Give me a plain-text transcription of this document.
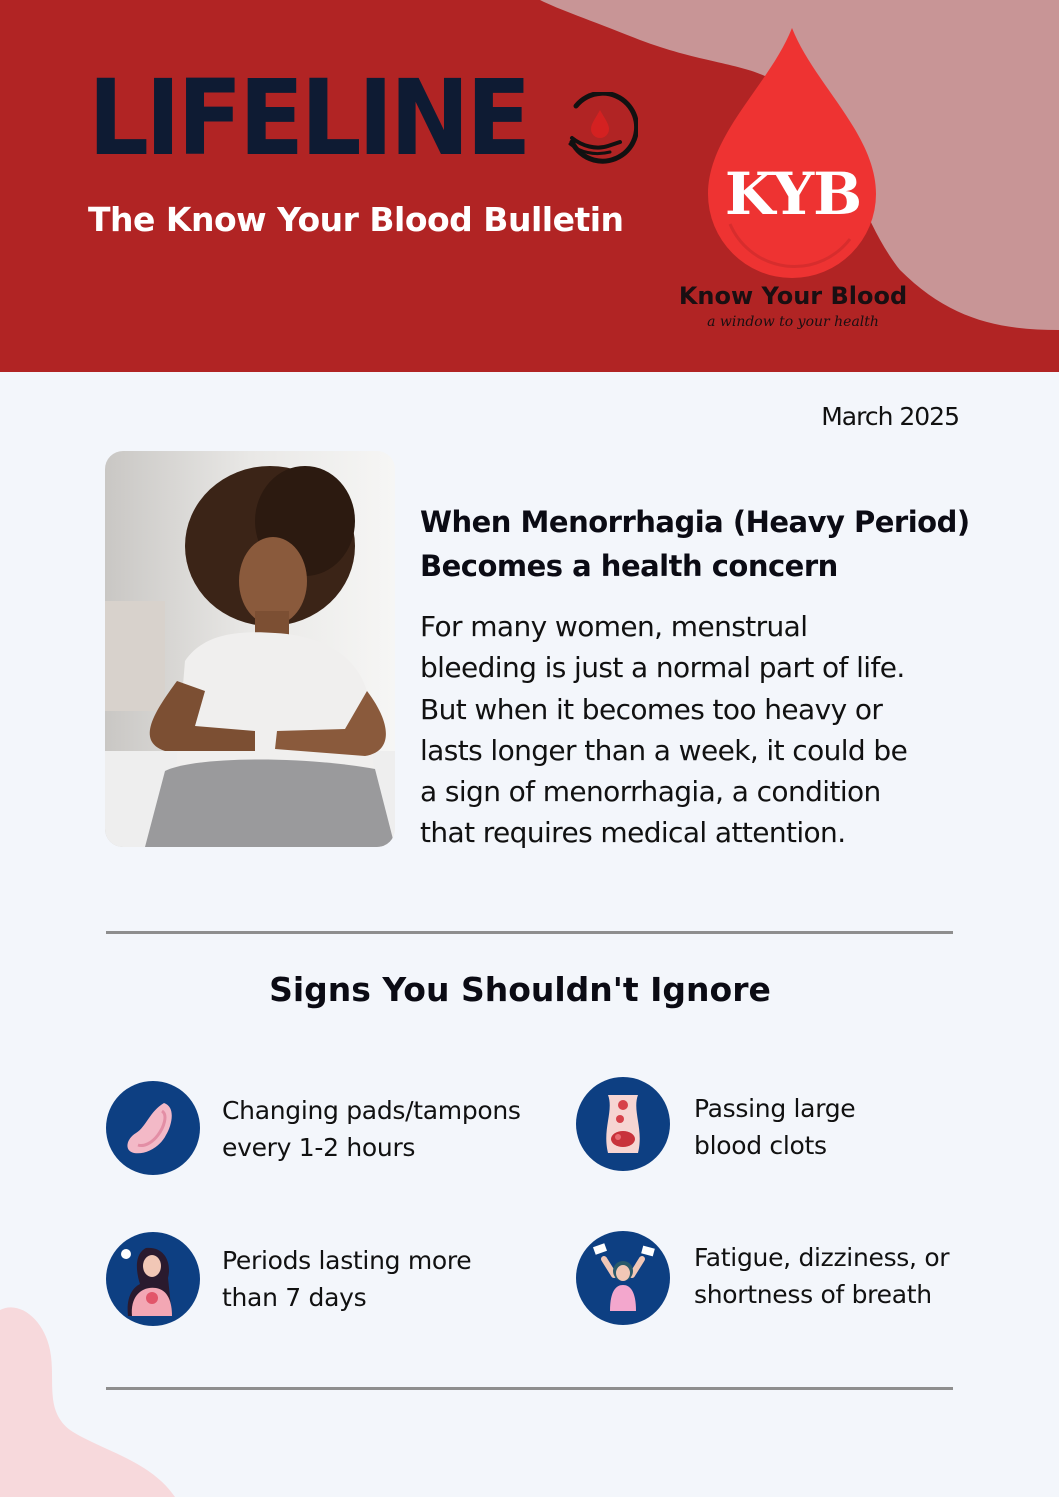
LIFELINE
The Know Your Blood Bulletin KYB
Know Your Blood
a window to your health
March 2025
When Menorrhagia (Heavy Period)
Becomes a health concern

For many women, menstrual
bleeding is just a normal part of life.
But when it becomes too heavy or
lasts longer than a week, it could be
a sign of menorrhagia, a condition
that requires medical attention.

Signs You Shouldn't Ignore
Changing pads/tampons
every 1-2 hours
Passing large
blood clots
Periods lasting more
than 7 days
Fatigue, dizziness, or
shortness of breath
